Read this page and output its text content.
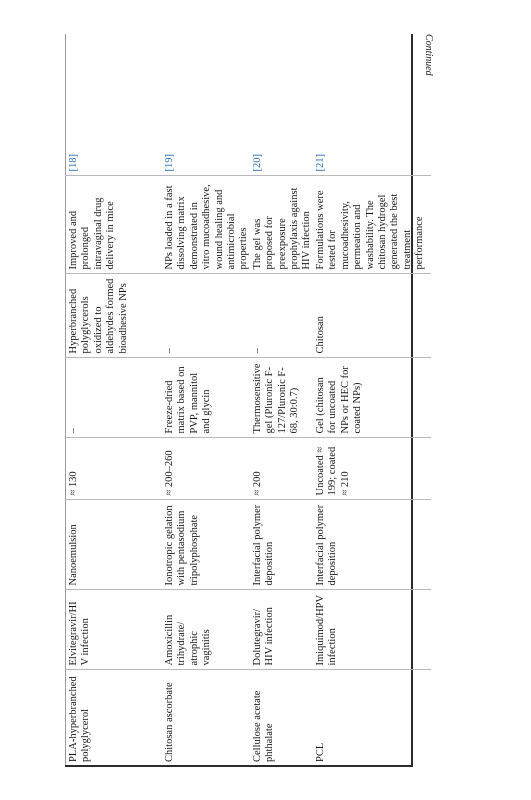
PLA-hyperbranched polyglycerol	Elvitegravir/HIV infection	Nanoemulsion	≈ 130	–	Hyperbranched polyglycerols oxidized to aldehydes formed bioadhesive NPs	Improved and prolonged intravaginal drug delivery in mice	[18]
Chitosan ascorbate	Amoxicillin trihydrate/ atrophic vaginitis	Ionotropic gelation with pentasodium tripolyphosphate	≈ 200–260	Freeze-dried matrix based on PVP, mannitol and glycin	–	NPs loaded in a fast dissolving matrix demonstrated in vitro mucoadhesive, wound healing and antimicrobial properties	[19]
Cellulose acetate phthalate	Dolutegravir/ HIV infection	Interfacial polymer deposition	≈ 200	Thermosensitive gel (Pluronic F-127/Pluronic F-68, 30:0.7)	–	The gel was proposed for preexposure prophylaxis against HIV infection	[20]
PCL	Imiquimod/HPV infection	Interfacial polymer deposition	Uncoated ≈ 199; coated ≈ 210	Gel (chitosan for uncoated NPs or HEC for coated NPs)	Chitosan	Formulations were tested for mucoadhesivity, permeation and washability. The chitosan hydrogel generated the best treatment performance	[21]
Continued
